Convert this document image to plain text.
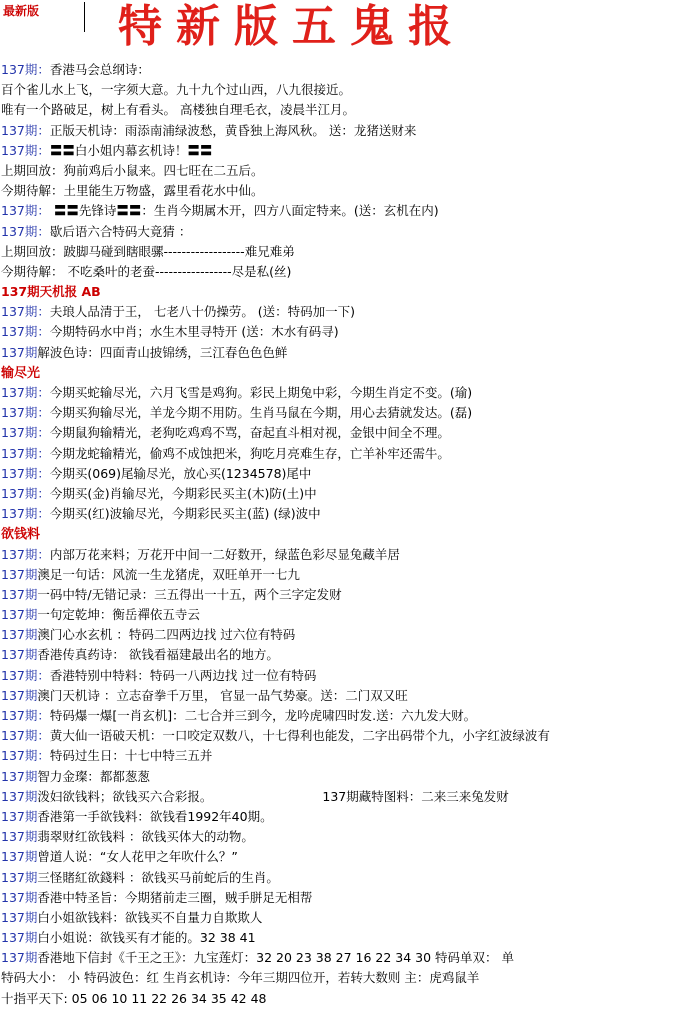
最新版 特新版五鬼报
137期：香港马会总纲诗：
百个雀儿水上飞，一字须大意。九十九个过山西，八九很接近。
唯有一个路破足，树上有看头。 高楼独自理毛衣，凌晨半江月。
137期：正版天机诗：雨添南浦绿波愁，黄昏独上海风秋。 送：龙猪送财来
137期：〓〓白小姐内幕玄机诗！〓〓
上期回放：狗前鸡后小鼠来。四七旺在二五后。
今期待解：土里能生万物盛，露里看花水中仙。
137期： 〓〓先锋诗〓〓：生肖今期属木开，四方八面定特来。(送：玄机在内)
137期：歇后语六合特码大竟猜 ：
上期回放：跛脚马碰到瞎眼骡------------------难兄难弟
今期待解： 不吃桑叶的老蚕-----------------尽是私(丝)
137期天机报 AB
137期：夫琅人品清于王， 七老八十仍操劳。 (送：特码加一下)
137期：今期特码水中肖；水生木里寻特开 (送：木水有码寻)
137期解波色诗：四面青山披锦绣，三江春色色色鲜
输尽光
137期：今期买蛇输尽光，六月飞雪是鸡狗。彩民上期兔中彩，今期生肖定不变。(瑜)
137期：今期买狗输尽光，羊龙今期不用防。生肖马鼠在今期，用心去猜就发达。(磊)
137期：今期鼠狗输精光，老狗吃鸡鸡不骂，奋起直斗相对视，金银中间全不理。
137期：今期龙蛇输精光，偷鸡不成蚀把米，狗吃月亮难生存，亡羊补牢还需牛。
137期：今期买(069)尾输尽光，放心买(1234578)尾中
137期：今期买(金)肖输尽光，今期彩民买主(木)防(土)中
137期：今期买(红)波输尽光，今期彩民买主(蓝) (绿)波中
欲钱料
137期：内部万花来料；万花开中间一二好数开，绿蓝色彩尽显兔藏羊居
137期澳足一句话：风流一生龙猪虎，双旺单开一七九
137期一码中特/无错记录：三五得出一十五，两个三字定发财
137期一句定乾坤：衡岳禪依五寺云
137期澳门心水玄机 ：特码二四两边找 过六位有特码
137期香港传真药诗： 欲钱看福建最出名的地方。
137期：香港特别中特料：特码一八两边找 过一位有特码
137期澳门天机诗 ：立志奋拳千万里， 官显一品气势豪。送：二门双又旺
137期：特码爆一爆[一肖玄机]：二七合并三到今，龙吟虎啸四时发.送：六九发大财。
137期：黄大仙一语破天机：一口咬定双数八，十七得利也能发，二字出码带个九，小字红波绿波有
137期：特码过生日：十七中特三五并
137期智力金璨：都都葱葱
137期泼妇欲钱料；欲钱买六合彩报。	137期藏特图料：二来三来兔发财
137期香港第一手欲钱料：欲钱看1992年40期。
137期翡翠财红欲钱料 ：欲钱买体大的动物。
137期曾道人说：“女人花甲之年吹什么？”
137期三怪賭紅欲錢料 ：欲钱买马前蛇后的生肖。
137期香港中特圣旨：今期猪前走三圈，贼手胼足无相帮
137期白小姐欲钱料：欲钱买不自量力自欺欺人
137期白小姐说：欲钱买有才能的。32 38 41
137期香港地下信封《千王之王》：九宝莲灯：32 20 23 38 27 16 22 34 30 特码单双： 单
特码大小： 小 特码波色：红 生肖玄机诗：今年三期四位开，若转大数则 主：虎鸡鼠羊
十指平天下: 05 06 10 11 22 26 34 35 42 48
